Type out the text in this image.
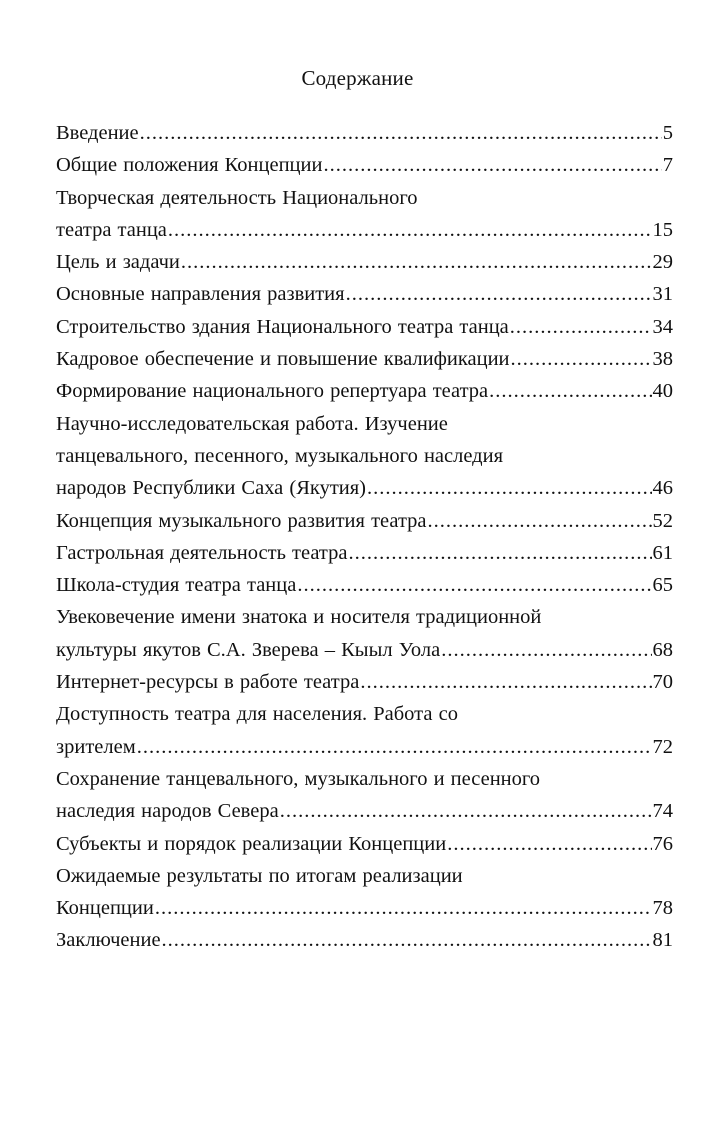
Содержание
Введение .....	5
Общие положения Концепции .....	7
Творческая деятельность Национального
театра танца .....	15
Цель и задачи .....	29
Основные направления развития .....	31
Строительство здания Национального театра танца .....	34
Кадровое обеспечение и повышение квалификации .....	38
Формирование национального репертуара театра .....	40
Научно-исследовательская работа. Изучение
танцевального, песенного, музыкального наследия
народов Республики Саха (Якутия) .....	46
Концепция музыкального развития театра .....	52
Гастрольная деятельность театра .....	61
Школа-студия театра танца .....	65
Увековечение имени знатока и носителя традиционной
культуры якутов С.А. Зверева – Кыыл Уола .....	68
Интернет-ресурсы в работе театра .....	70
Доступность театра для населения. Работа со
зрителем .....	72
Сохранение танцевального, музыкального и песенного
наследия народов Севера .....	74
Субъекты и порядок реализации Концепции .....	76
Ожидаемые результаты по итогам реализации
Концепции .....	78
Заключение .....	81
